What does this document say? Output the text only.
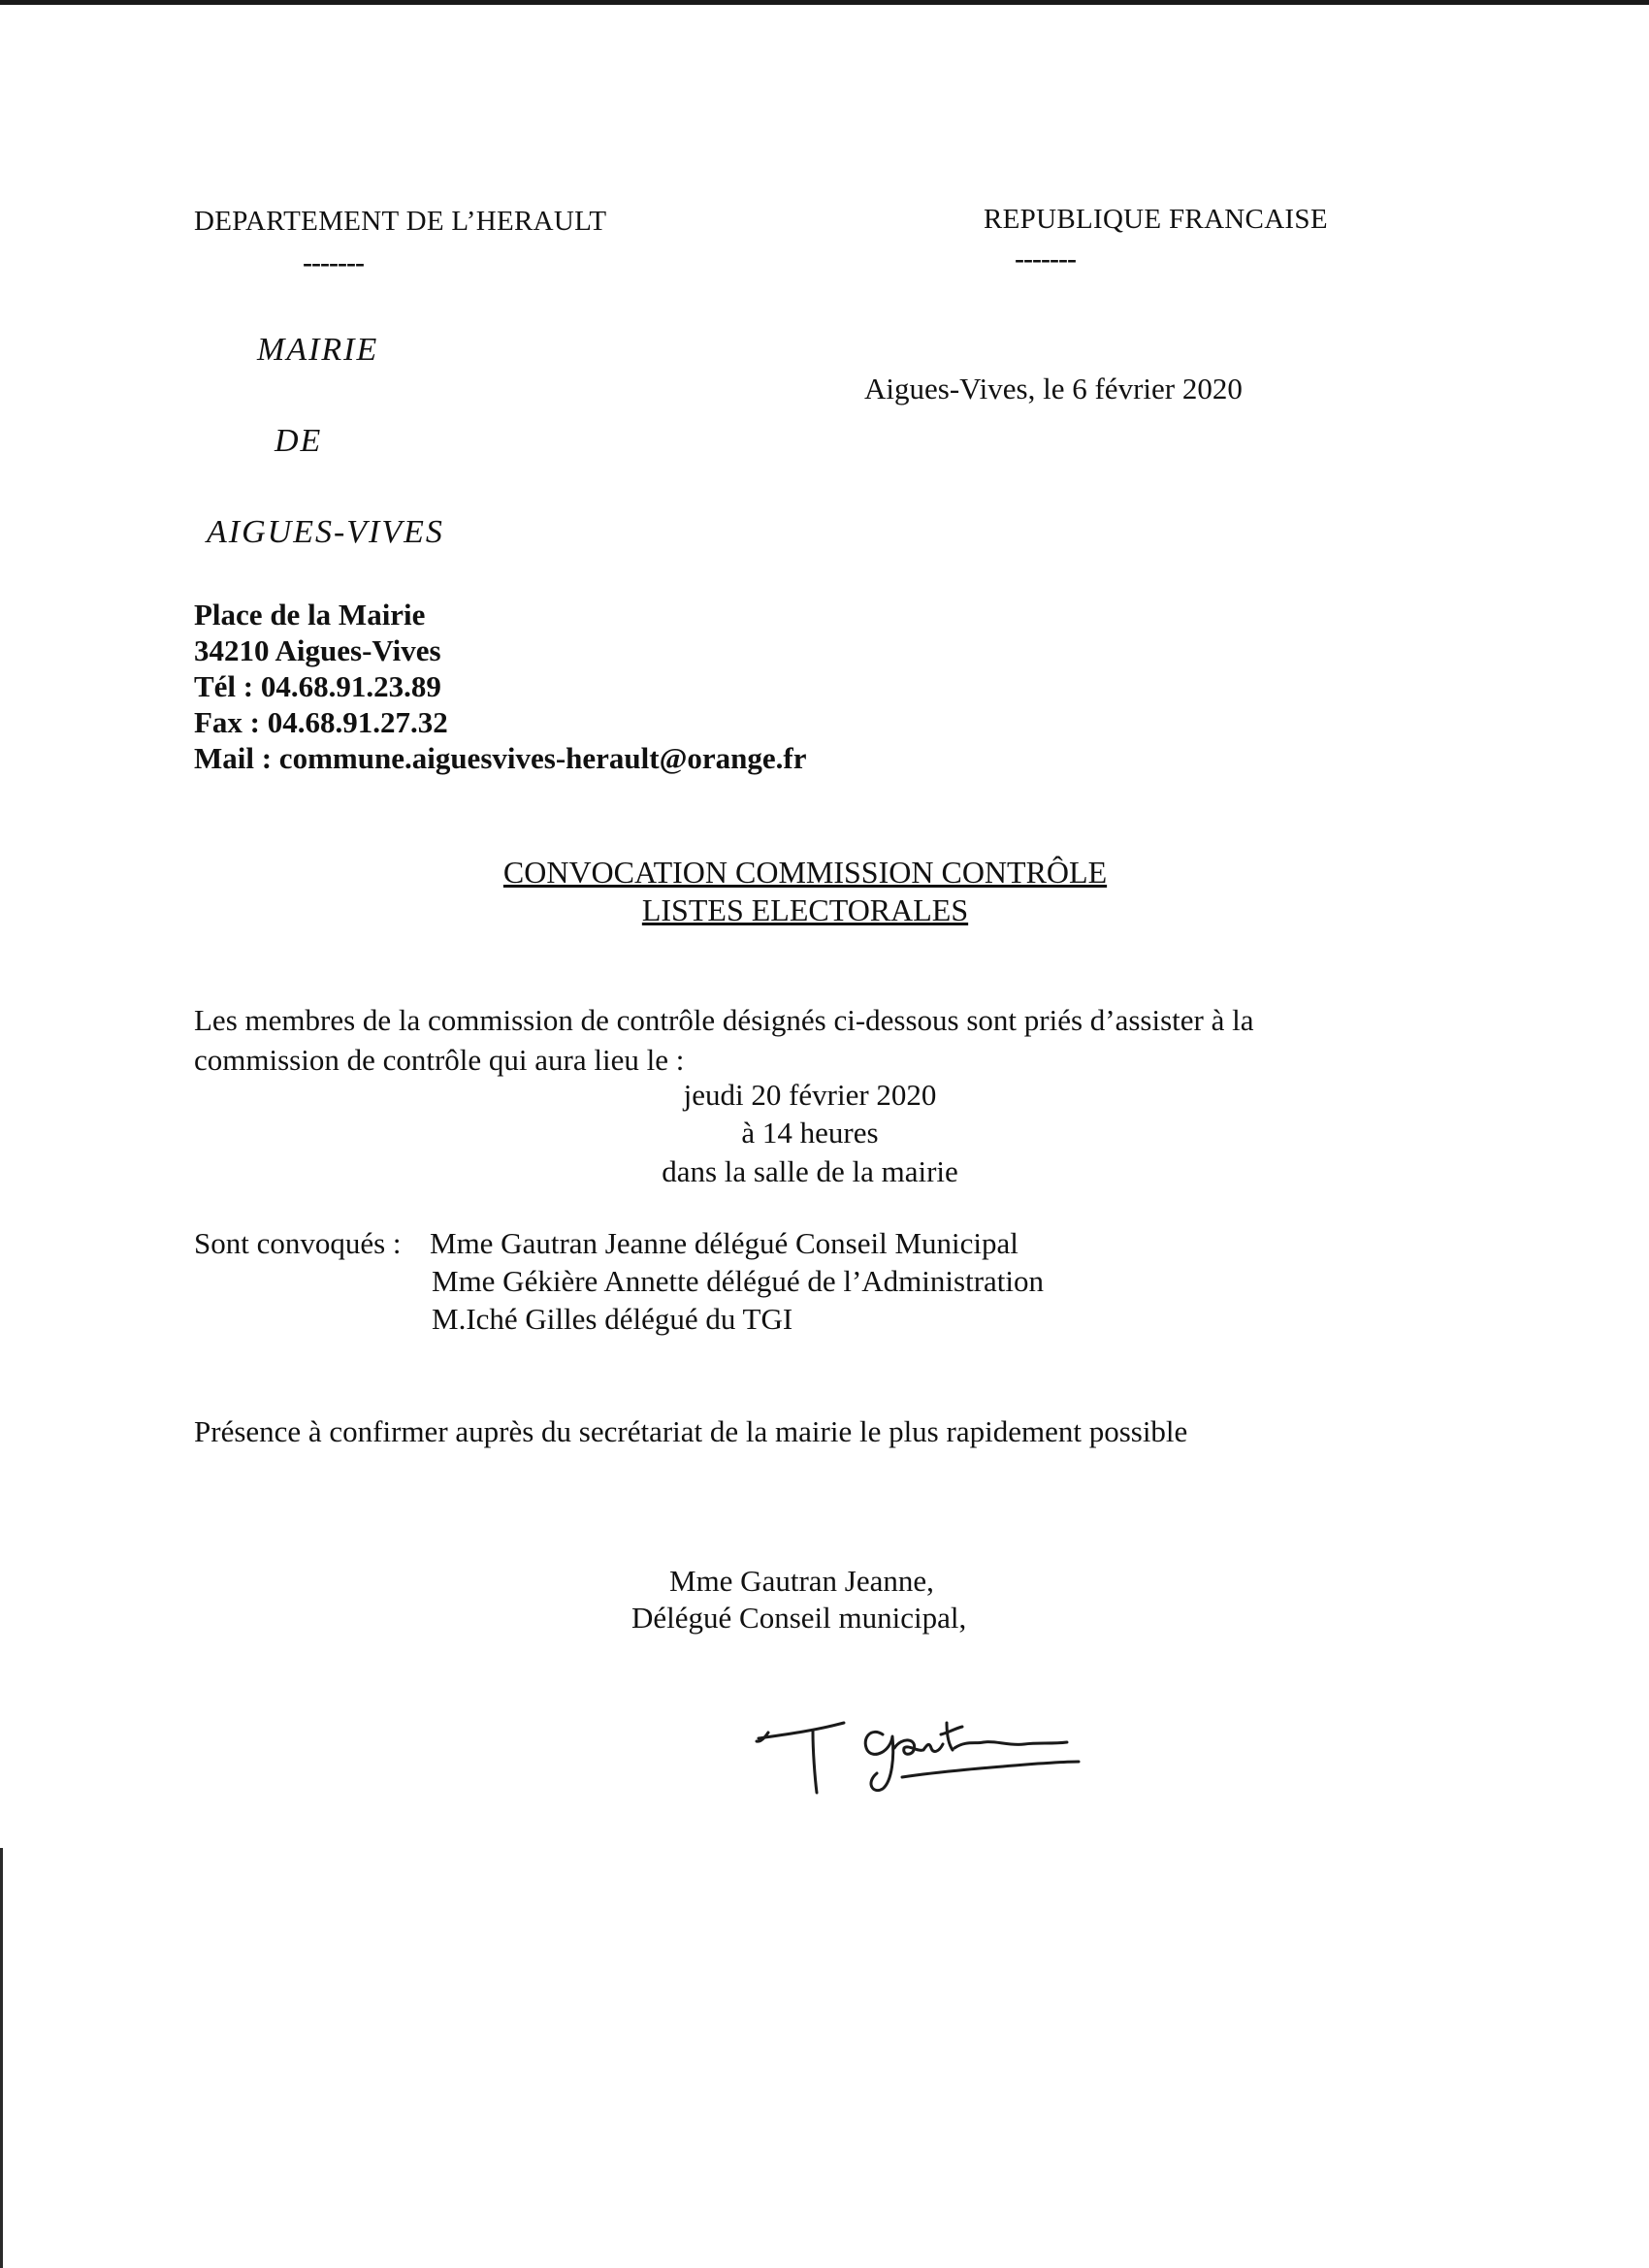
DEPARTEMENT DE L’HERAULT
-------
REPUBLIQUE FRANCAISE
-------
MAIRIE
DE
AIGUES-VIVES
Aigues-Vives, le 6 février 2020
Place de la Mairie
34210 Aigues-Vives
Tél : 04.68.91.23.89
Fax : 04.68.91.27.32
Mail : commune.aiguesvives-herault@orange.fr
CONVOCATION COMMISSION CONTRÔLE
LISTES ELECTORALES
Les membres de la commission de contrôle désignés ci-dessous sont priés d’assister à la
commission de contrôle qui aura lieu le :
jeudi 20 février 2020
à 14 heures
dans la salle de la mairie
Sont convoqués : Mme Gautran Jeanne délégué Conseil Municipal
Mme Gékière Annette délégué de l’Administration
M.Iché Gilles délégué du TGI
Présence à confirmer auprès du secrétariat de la mairie le plus rapidement possible
Mme Gautran Jeanne,
Délégué Conseil municipal,
